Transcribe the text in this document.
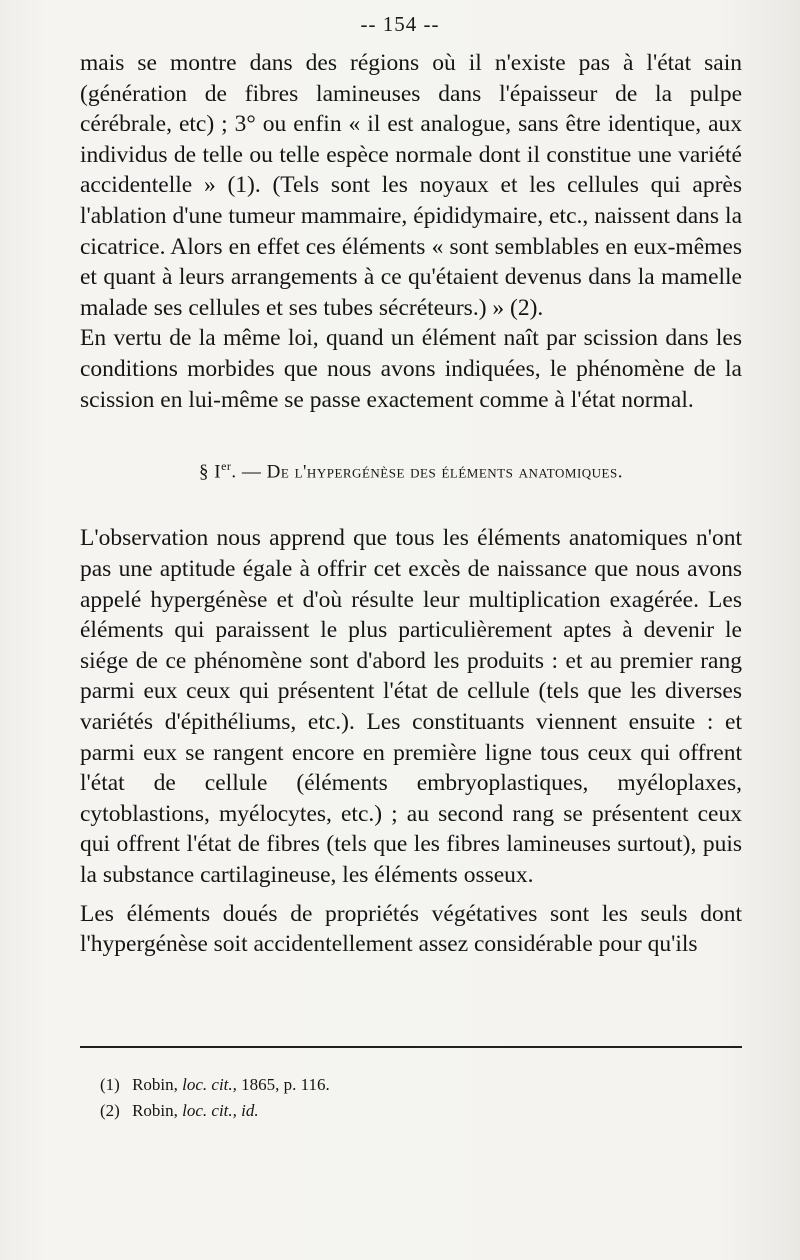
-- 154 --

mais se montre dans des régions où il n'existe pas à l'état sain (génération de fibres lamineuses dans l'épaisseur de la pulpe cérébrale, etc) ; 3° ou enfin « il est analogue, sans être identique, aux individus de telle ou telle espèce normale dont il constitue une variété accidentelle » (1). (Tels sont les noyaux et les cellules qui après l'ablation d'une tumeur mammaire, épididymaire, etc., naissent dans la cicatrice. Alors en effet ces éléments « sont semblables en eux-mêmes et quant à leurs arrangements à ce qu'étaient devenus dans la mamelle malade ses cellules et ses tubes sécréteurs.) » (2).

En vertu de la même loi, quand un élément naît par scission dans les conditions morbides que nous avons indiquées, le phénomène de la scission en lui-même se passe exactement comme à l'état normal.

§ Ier. — De l'hypergénèse des éléments anatomiques.

L'observation nous apprend que tous les éléments anatomiques n'ont pas une aptitude égale à offrir cet excès de naissance que nous avons appelé hypergénèse et d'où résulte leur multiplication exagérée. Les éléments qui paraissent le plus particulièrement aptes à devenir le siége de ce phénomène sont d'abord les produits : et au premier rang parmi eux ceux qui présentent l'état de cellule (tels que les diverses variétés d'épithéliums, etc.). Les constituants viennent ensuite : et parmi eux se rangent encore en première ligne tous ceux qui offrent l'état de cellule (éléments embryoplastiques, myéloplaxes, cytoblastions, myélocytes, etc.) ; au second rang se présentent ceux qui offrent l'état de fibres (tels que les fibres lamineuses surtout), puis la substance cartilagineuse, les éléments osseux.

Les éléments doués de propriétés végétatives sont les seuls dont l'hypergénèse soit accidentellement assez considérable pour qu'ils

(1) Robin, loc. cit., 1865, p. 116.

(2) Robin, loc. cit., id.
